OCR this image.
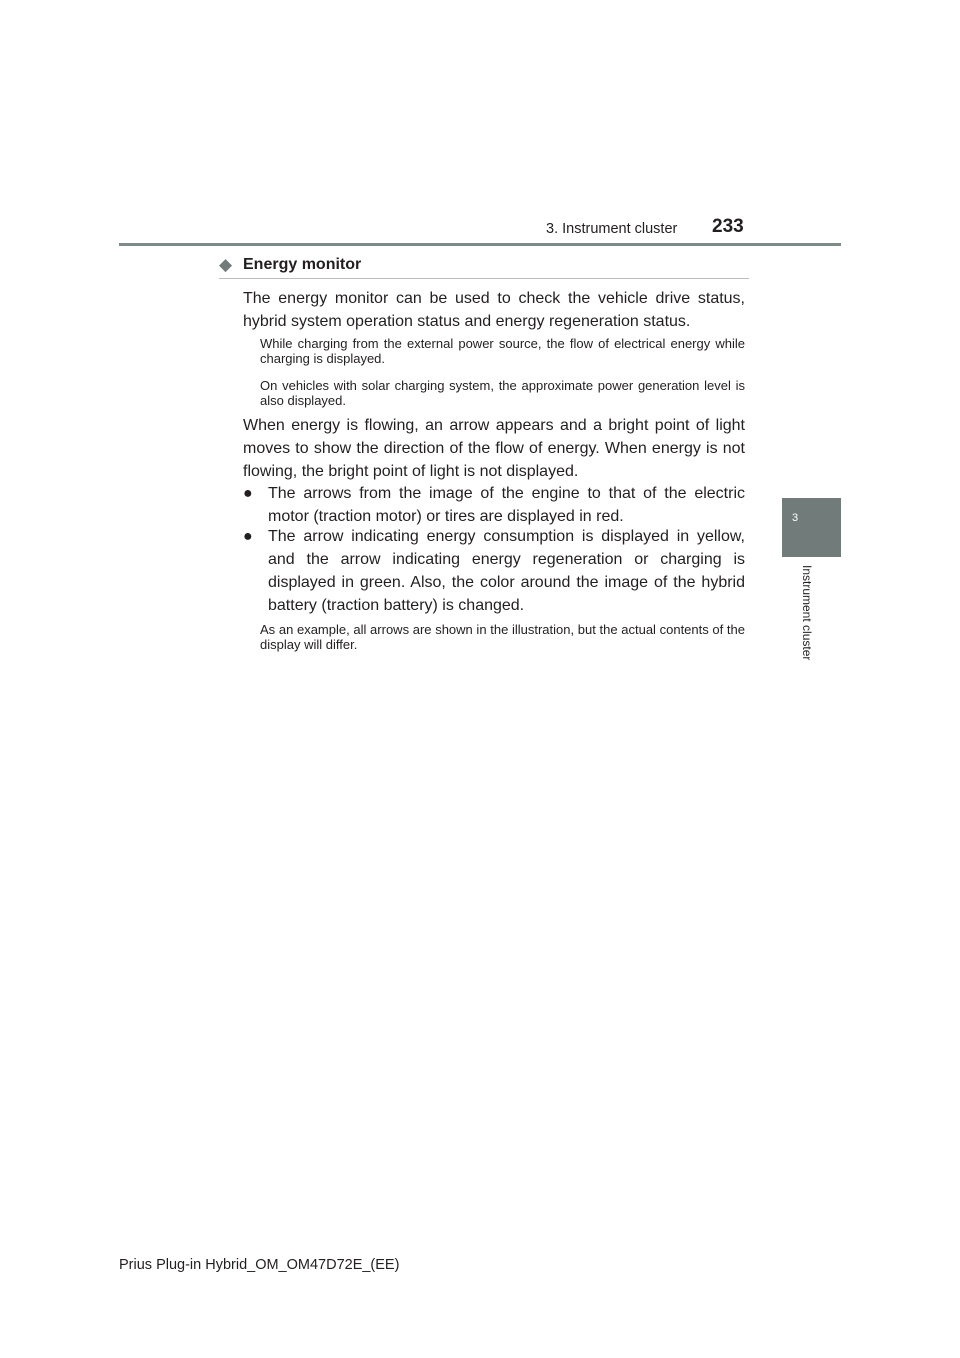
3. Instrument cluster 233
3
Instrument cluster
◆ Energy monitor
The energy monitor can be used to check the vehicle drive status, hybrid system operation status and energy regeneration status.
While charging from the external power source, the flow of electrical energy while charging is displayed.
On vehicles with solar charging system, the approximate power generation level is also displayed.
When energy is flowing, an arrow appears and a bright point of light moves to show the direction of the flow of energy. When energy is not flowing, the bright point of light is not displayed.
● The arrows from the image of the engine to that of the electric motor (traction motor) or tires are displayed in red.
● The arrow indicating energy consumption is displayed in yellow, and the arrow indicating energy regeneration or charging is displayed in green. Also, the color around the image of the hybrid battery (traction battery) is changed.
As an example, all arrows are shown in the illustration, but the actual contents of the display will differ.
Prius Plug-in Hybrid_OM_OM47D72E_(EE)
